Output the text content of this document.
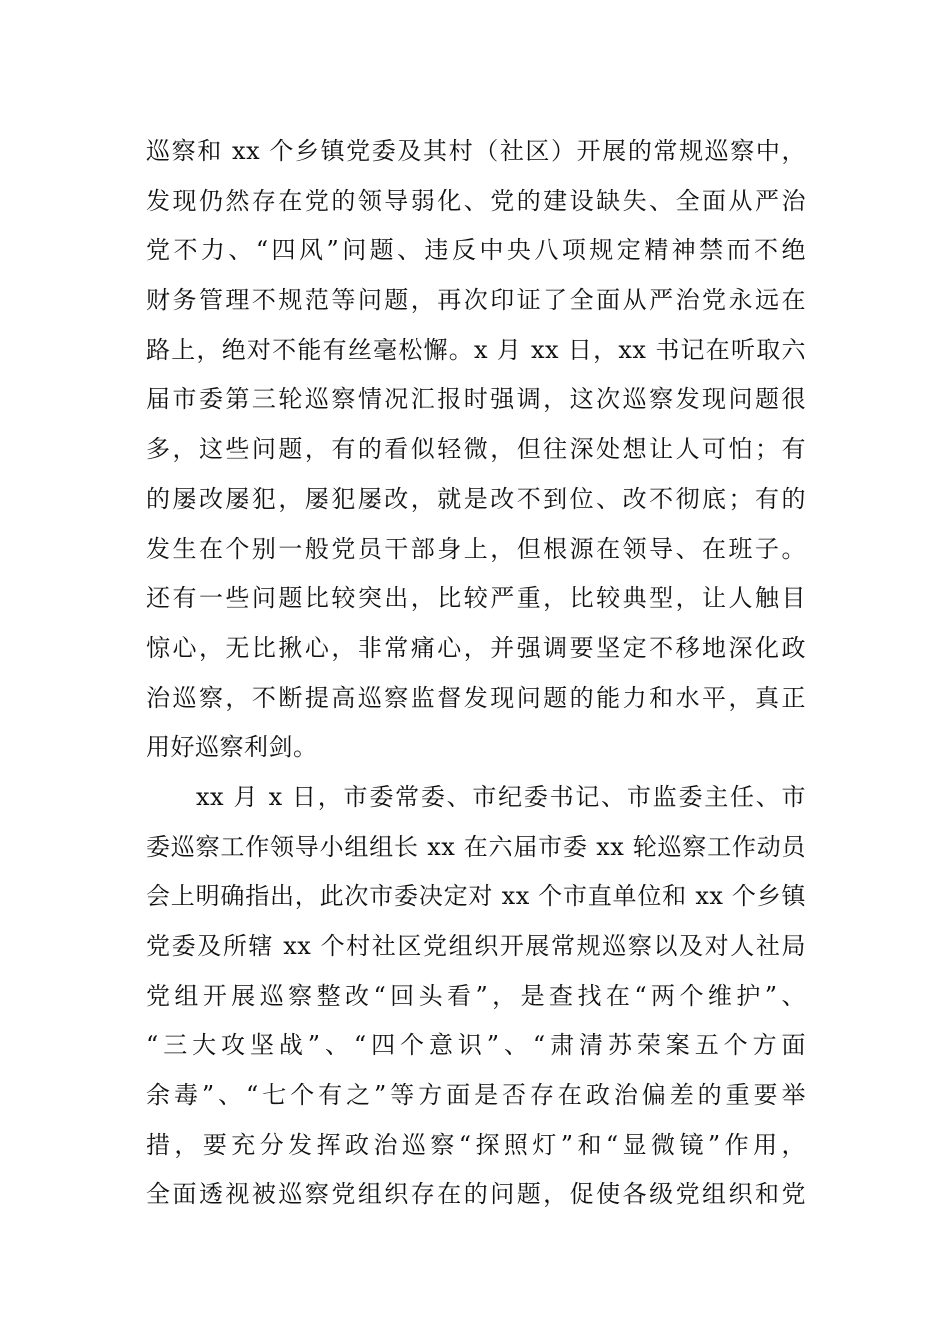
巡察和 xx 个乡镇党委及其村（社区）开展的常规巡察中，
发现仍然存在党的领导弱化、党的建设缺失、全面从严治
党不力、“四风”问题、违反中央八项规定精神禁而不绝
财务管理不规范等问题，再次印证了全面从严治党永远在
路上，绝对不能有丝毫松懈。x 月 xx 日，xx 书记在听取六
届市委第三轮巡察情况汇报时强调，这次巡察发现问题很
多，这些问题，有的看似轻微，但往深处想让人可怕；有
的屡改屡犯，屡犯屡改，就是改不到位、改不彻底；有的
发生在个别一般党员干部身上，但根源在领导、在班子。
还有一些问题比较突出，比较严重，比较典型，让人触目
惊心，无比揪心，非常痛心，并强调要坚定不移地深化政
治巡察，不断提高巡察监督发现问题的能力和水平，真正
用好巡察利剑。
xx 月 x 日，市委常委、市纪委书记、市监委主任、市
委巡察工作领导小组组长 xx 在六届市委 xx 轮巡察工作动员
会上明确指出，此次市委决定对 xx 个市直单位和 xx 个乡镇
党委及所辖 xx 个村社区党组织开展常规巡察以及对人社局
党组开展巡察整改“回头看”，是查找在“两个维护”、
“三大攻坚战”、“四个意识”、“肃清苏荣案五个方面
余毒”、“七个有之”等方面是否存在政治偏差的重要举
措，要充分发挥政治巡察“探照灯”和“显微镜”作用，
全面透视被巡察党组织存在的问题，促使各级党组织和党
